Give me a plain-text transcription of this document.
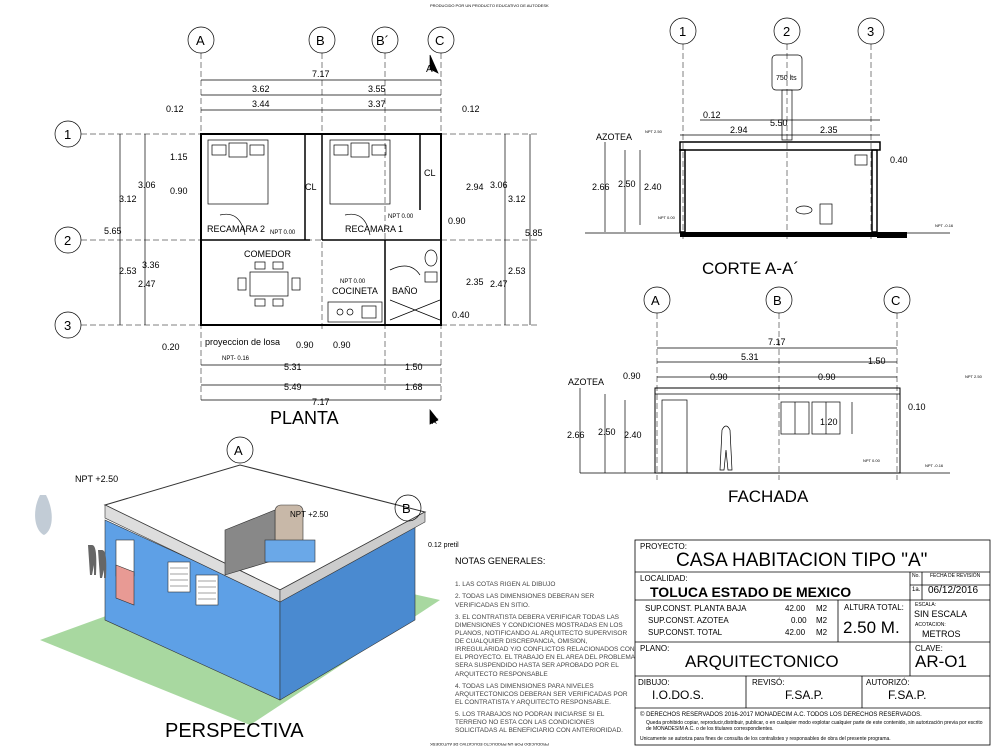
PRODUCIDO POR UN PRODUCTO EDUCATIVO DE AUTODESK
PRODUCIDO POR UN PRODUCTO EDUCATIVO DE AUTODESK
A	B	B´	C
1
2
3
A
A´
7.17
3.62	3.55
0.12	3.44	3.37	0.12
5.65
3.12
2.53
3.06
3.36
2.47
1.15
0.90
5.85
3.12
2.53
2.94 3.06
0.90
2.35 2.47
0.40
0.90 0.90
0.20
5.31	1.50
5.49	1.68
7.17
RECAMARA 2	RECAMARA 1
COMEDOR
COCINETA BAÑO
CL
CL
NPT 0.00
NPT 0.00
NPT 0.00
NPT- 0.16
proyeccion de losa
PLANTA
1	2	3
750 lts
AZOTEA
NPT 2.50
NPT 0.00
NPT -0.16
0.12
5.50
2.94	2.35
2.66 2.50 2.40
0.40
CORTE A-A´
A	B	C
7.17
5.31	1.50
0.90	0.90	0.90
AZOTEA
NPT 2.50
NPT 0.00
NPT -0.16
2.66 2.50 2.40
1.20
0.10
FACHADA
A
B
NPT +2.50
NPT +2.50
0.12 pretil
PERSPECTIVA
PROYECTO:
CASA HABITACION TIPO "A"
LOCALIDAD:
TOLUCA ESTADO DE MEXICO
No. FECHA DE REVISIÓN
1a. 06/12/2016
SUP.CONST. PLANTA BAJA	42.00 M2
SUP.CONST. AZOTEA	0.00 M2
SUP.CONST. TOTAL	42.00 M2
ALTURA TOTAL:
2.50 M.
ESCALA:
SIN ESCALA
ACOTACION:
METROS
PLANO:
ARQUITECTONICO
CLAVE:
AR-O1
DIBUJO:
I.O.DO.S.
REVISÓ:
F.SA.P.
AUTORIZÓ:
F.SA.P.
© DERECHOS RESERVADOS 2016-2017 MONADECIM A.C. TODOS LOS DERECHOS RESERVADOS.
Queda prohibido copiar, reproducir,distribuir, publicar, o en cualquier modo explotar cualquier parte de este contenido, sin autorización previa por escrito de MONADESIM A.C. o de los titulares correspondientes.
Unicamente se autoriza para fines de consulta de los contralistes y responsables de obra del presente programa.
NOTAS GENERALES:

1. LAS COTAS RIGEN AL DIBUJO

2. TODAS LAS DIMENSIONES DEBERAN SER VERIFICADAS EN SITIO.

3. EL CONTRATISTA DEBERA VERIFICAR TODAS LAS DIMENSIONES Y CONDICIONES MOSTRADAS EN LOS PLANOS, NOTIFICANDO AL ARQUITECTO SUPERVISOR DE CUALQUIER DISCREPANCIA, OMISION, IRREGULARIDAD Y/O CONFLICTOS RELACIONADOS CON EL PROYECTO. EL TRABAJO EN EL AREA DEL PROBLEMA SERA SUSPENDIDO HASTA SER APROBADO POR EL ARQUITECTO RESPONSABLE

4. TODAS LAS DIMENSIONES PARA NIVELES ARQUITECTONICOS DEBERAN SER VERIFICADAS POR EL CONTRATISTA Y ARQUITECTO RESPONSABLE.

5. LOS TRABAJOS NO PODRAN INICIARSE SI EL TERRENO NO ESTA CON LAS CONDICIONES SOLICITADAS AL BENEFICIARIO CON ANTERIORIDAD.
